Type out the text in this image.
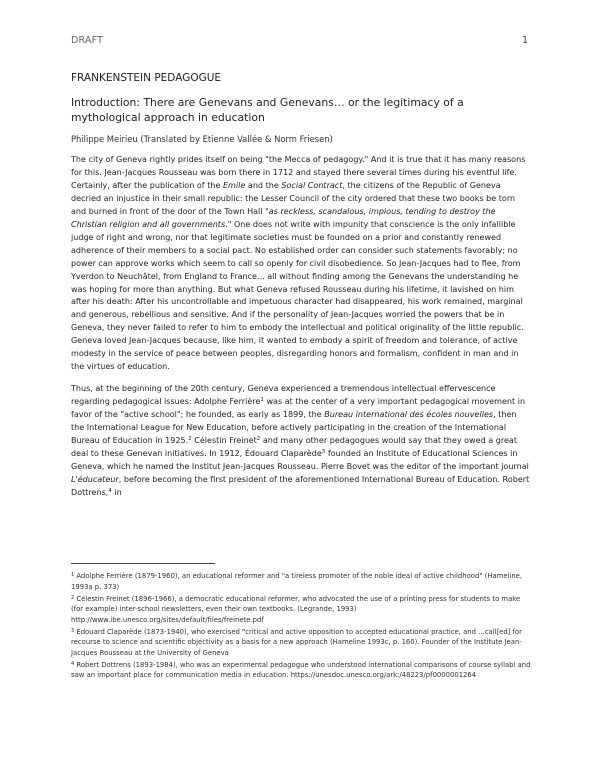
DRAFT	1
FRANKENSTEIN PEDAGOGUE
Introduction: There are Genevans and Genevans… or the legitimacy of a mythological approach in education
Philippe Meirieu (Translated by Etienne Vallée & Norm Friesen)

The city of Geneva rightly prides itself on being "the Mecca of pedagogy." And it is true that it has many reasons for this. Jean-Jacques Rousseau was born there in 1712 and stayed there several times during his eventful life. Certainly, after the publication of the Emile and the Social Contract, the citizens of the Republic of Geneva decried an injustice in their small republic: the Lesser Council of the city ordered that these two books be torn and burned in front of the door of the Town Hall "as reckless, scandalous, impious, tending to destroy the Christian religion and all governments." One does not write with impunity that conscience is the only infallible judge of right and wrong, nor that legitimate societies must be founded on a prior and constantly renewed adherence of their members to a social pact. No established order can consider such statements favorably; no power can approve works which seem to call so openly for civil disobedience. So Jean-Jacques had to flee, from Yverdon to Neuchâtel, from England to France... all without finding among the Genevans the understanding he was hoping for more than anything. But what Geneva refused Rousseau during his lifetime, it lavished on him after his death: After his uncontrollable and impetuous character had disappeared, his work remained, marginal and generous, rebellious and sensitive. And if the personality of Jean-Jacques worried the powers that be in Geneva, they never failed to refer to him to embody the intellectual and political originality of the little republic. Geneva loved Jean-Jacques because, like him, it wanted to embody a spirit of freedom and tolerance, of active modesty in the service of peace between peoples, disregarding honors and formalism, confident in man and in the virtues of education.

Thus, at the beginning of the 20th century, Geneva experienced a tremendous intellectual effervescence regarding pedagogical issues: Adolphe Ferrière$^1$ was at the center of a very important pedagogical movement in favor of the "active school"; he founded, as early as 1899, the Bureau international des écoles nouvelles, then the International League for New Education, before actively participating in the creation of the International Bureau of Education in 1925.$^2$ Célestin Freinet$^2$ and many other pedagogues would say that they owed a great deal to these Genevan initiatives. In 1912, Édouard Claparède$^3$ founded an Institute of Educational Sciences in Geneva, which he named the Institut Jean-Jacques Rousseau. Pierre Bovet was the editor of the important journal L'éducateur, before becoming the first president of the aforementioned International Bureau of Education. Robert Dottrens,$^4$ in

$^1$ Adolphe Ferrière (1879-1960), an educational reformer and "a tireless promoter of the noble ideal of active childhood" (Hameline, 1993a p. 373)
$^2$ Célestin Freinet (1896-1966), a democratic educational reformer, who advocated the use of a printing press for students to make (for example) inter-school newsletters, even their own textbooks. (Legrande, 1993) http://www.ibe.unesco.org/sites/default/files/freinete.pdf
$^3$ Édouard Claparède (1873-1940), who exercised "critical and active opposition to accepted educational practice, and ...call[ed] for recourse to science and scientific objectivity as a basis for a new approach (Hameline 1993c, p. 160). Founder of the Institute Jean-Jacques Rousseau at the University of Geneva
$^4$ Robert Dottrens (1893-1984), who was an experimental pedagogue who understood international comparisons of course syllabi and saw an important place for communication media in education. https://unesdoc.unesco.org/ark:/48223/pf0000001264
